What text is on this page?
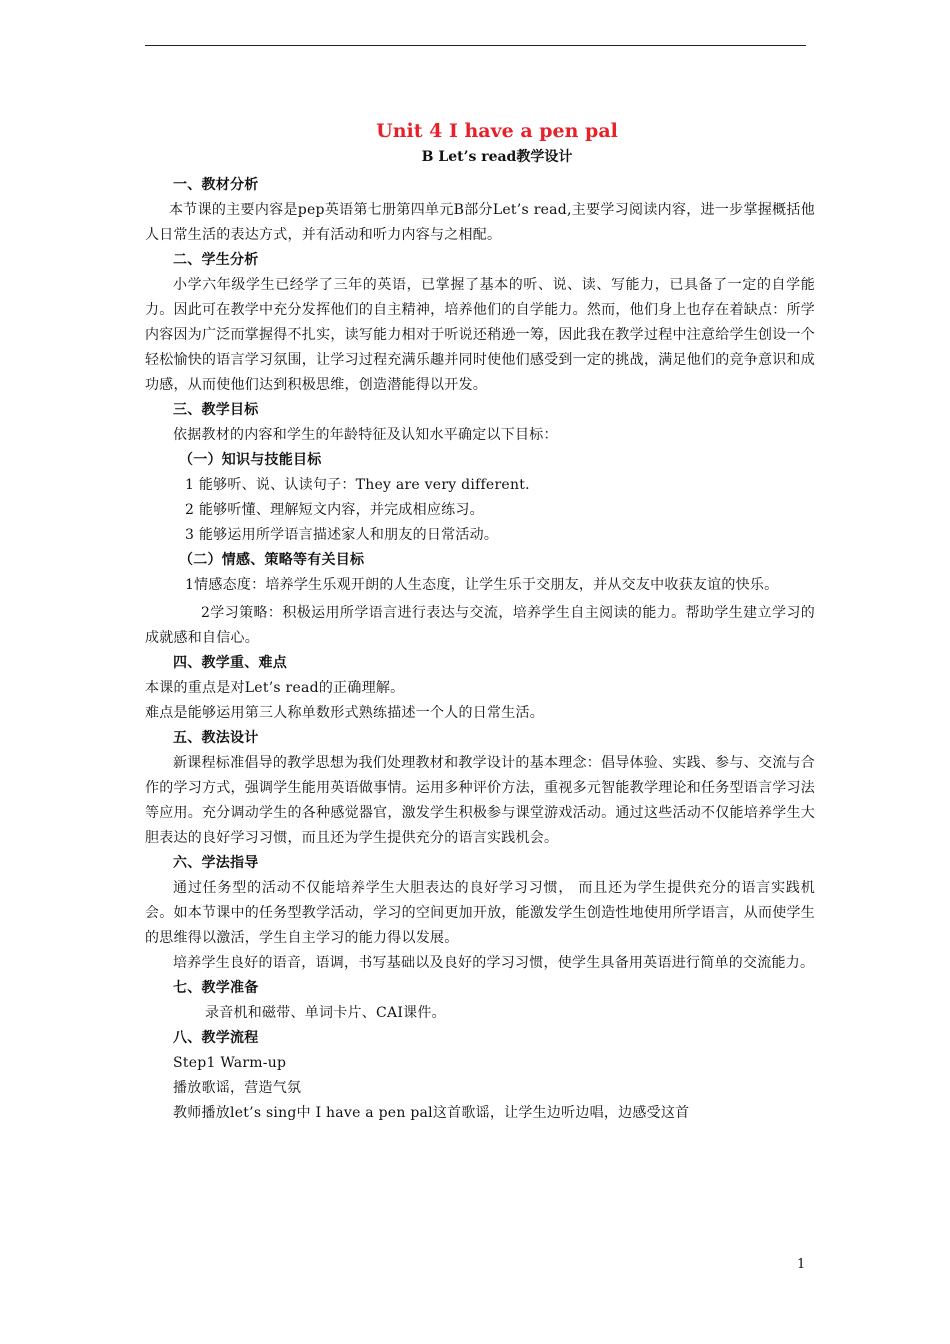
Unit 4 I have a pen pal
B Let’s read教学设计
一、教材分析

本节课的主要内容是pep英语第七册第四单元B部分Let’s read,主要学习阅读内容，进一步掌握概括他人日常生活的表达方式，并有活动和听力内容与之相配。

二、学生分析

小学六年级学生已经学了三年的英语，已掌握了基本的听、说、读、写能力，已具备了一定的自学能力。因此可在教学中充分发挥他们的自主精神，培养他们的自学能力。然而，他们身上也存在着缺点：所学内容因为广泛而掌握得不扎实，读写能力相对于听说还稍逊一筹，因此我在教学过程中注意给学生创设一个轻松愉快的语言学习氛围，让学习过程充满乐趣并同时使他们感受到一定的挑战，满足他们的竞争意识和成功感，从而使他们达到积极思维，创造潜能得以开发。

三、教学目标
依据教材的内容和学生的年龄特征及认知水平确定以下目标：
（一）知识与技能目标
1 能够听、说、认读句子：They are very different.
2 能够听懂、理解短文内容，并完成相应练习。
3 能够运用所学语言描述家人和朋友的日常活动。
（二）情感、策略等有关目标

1情感态度：培养学生乐观开朗的人生态度，让学生乐于交朋友，并从交友中收获友谊的快乐。

2学习策略：积极运用所学语言进行表达与交流，培养学生自主阅读的能力。帮助学生建立学习的成就感和自信心。

四、教学重、难点
本课的重点是对Let’s read的正确理解。
难点是能够运用第三人称单数形式熟练描述一个人的日常生活。
五、教法设计

新课程标准倡导的教学思想为我们处理教材和教学设计的基本理念：倡导体验、实践、参与、交流与合作的学习方式，强调学生能用英语做事情。运用多种评价方法，重视多元智能教学理论和任务型语言学习法等应用。充分调动学生的各种感觉器官，激发学生积极参与课堂游戏活动。通过这些活动不仅能培养学生大胆表达的良好学习习惯，而且还为学生提供充分的语言实践机会。

六、学法指导

通过任务型的活动不仅能培养学生大胆表达的良好学习习惯， 而且还为学生提供充分的语言实践机会。如本节课中的任务型教学活动，学习的空间更加开放，能激发学生创造性地使用所学语言，从而使学生的思维得以激活，学生自主学习的能力得以发展。

培养学生良好的语音，语调，书写基础以及良好的学习习惯，使学生具备用英语进行简单的交流能力。

七、教学准备
录音机和磁带、单词卡片、CAI课件。
八、教学流程
Step1 Warm-up
播放歌谣，营造气氛
教师播放let’s sing中 I have a pen pal这首歌谣，让学生边听边唱，边感受这首
1
